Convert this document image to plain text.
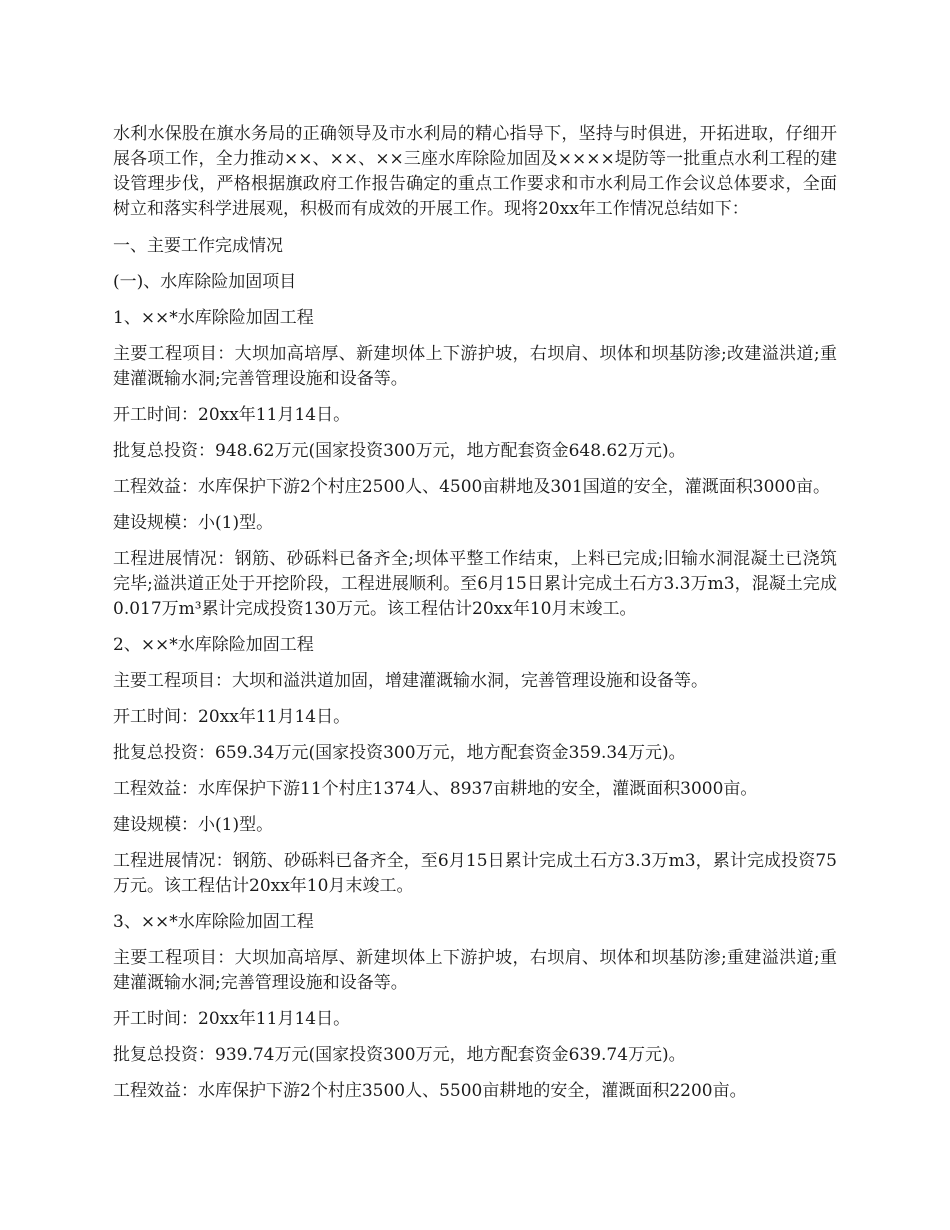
水利水保股在旗水务局的正确领导及市水利局的精心指导下，坚持与时俱进，开拓进取，仔细开展各项工作，全力推动××、××、××三座水库除险加固及××××堤防等一批重点水利工程的建设管理步伐，严格根据旗政府工作报告确定的重点工作要求和市水利局工作会议总体要求，全面树立和落实科学进展观，积极而有成效的开展工作。现将20xx年工作情况总结如下：

一、主要工作完成情况

(一)、水库除险加固项目

1、××*水库除险加固工程

主要工程项目：大坝加高培厚、新建坝体上下游护坡，右坝肩、坝体和坝基防渗;改建溢洪道;重建灌溉输水洞;完善管理设施和设备等。

开工时间：20xx年11月14日。

批复总投资：948.62万元(国家投资300万元，地方配套资金648.62万元)。

工程效益：水库保护下游2个村庄2500人、4500亩耕地及301国道的安全，灌溉面积3000亩。

建设规模：小(1)型。

工程进展情况：钢筋、砂砾料已备齐全;坝体平整工作结束，上料已完成;旧输水洞混凝土已浇筑完毕;溢洪道正处于开挖阶段，工程进展顺利。至6月15日累计完成土石方3.3万m3，混凝土完成0.017万m³累计完成投资130万元。该工程估计20xx年10月末竣工。

2、××*水库除险加固工程

主要工程项目：大坝和溢洪道加固，增建灌溉输水洞，完善管理设施和设备等。

开工时间：20xx年11月14日。

批复总投资：659.34万元(国家投资300万元，地方配套资金359.34万元)。

工程效益：水库保护下游11个村庄1374人、8937亩耕地的安全，灌溉面积3000亩。

建设规模：小(1)型。

工程进展情况：钢筋、砂砾料已备齐全，至6月15日累计完成土石方3.3万m3，累计完成投资75万元。该工程估计20xx年10月末竣工。

3、××*水库除险加固工程

主要工程项目：大坝加高培厚、新建坝体上下游护坡，右坝肩、坝体和坝基防渗;重建溢洪道;重建灌溉输水洞;完善管理设施和设备等。

开工时间：20xx年11月14日。

批复总投资：939.74万元(国家投资300万元，地方配套资金639.74万元)。

工程效益：水库保护下游2个村庄3500人、5500亩耕地的安全，灌溉面积2200亩。
